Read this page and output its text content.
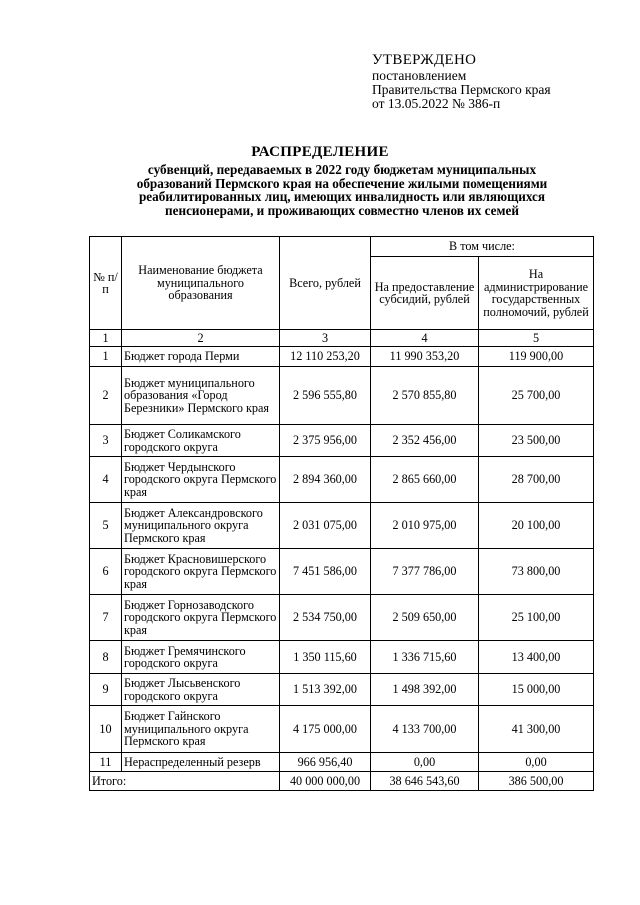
УТВЕРЖДЕНО
постановлением
Правительства Пермского края
от 13.05.2022 № 386-п
РАСПРЕДЕЛЕНИЕ
субвенций, передаваемых в 2022 году бюджетам муниципальных
образований Пермского края на обеспечение жилыми помещениями
реабилитированных лиц, имеющих инвалидность или являющихся
пенсионерами, и проживающих совместно членов их семей
№ п/п	Наименование бюджета муниципального образования	Всего, рублей	В том числе:	
			На предоставление субсидий, рублей	На администрирование государственных полномочий, рублей
1	2	3	4	5
1	Бюджет города Перми	12 110 253,20	11 990 353,20	119 900,00
2	Бюджет муниципального образования «Город Березники» Пермского края	2 596 555,80	2 570 855,80	25 700,00
3	Бюджет Соликамского городского округа	2 375 956,00	2 352 456,00	23 500,00
4	Бюджет Чердынского городского округа Пермского края	2 894 360,00	2 865 660,00	28 700,00
5	Бюджет Александровского муниципального округа Пермского края	2 031 075,00	2 010 975,00	20 100,00
6	Бюджет Красновишерского городского округа Пермского края	7 451 586,00	7 377 786,00	73 800,00
7	Бюджет Горнозаводского городского округа Пермского края	2 534 750,00	2 509 650,00	25 100,00
8	Бюджет Гремячинского городского округа	1 350 115,60	1 336 715,60	13 400,00
9	Бюджет Лысьвенского городского округа	1 513 392,00	1 498 392,00	15 000,00
10	Бюджет Гайнского муниципального округа Пермского края	4 175 000,00	4 133 700,00	41 300,00
11	Нераспределенный резерв	966 956,40	0,00	0,00
Итого:		40 000 000,00	38 646 543,60	386 500,00
